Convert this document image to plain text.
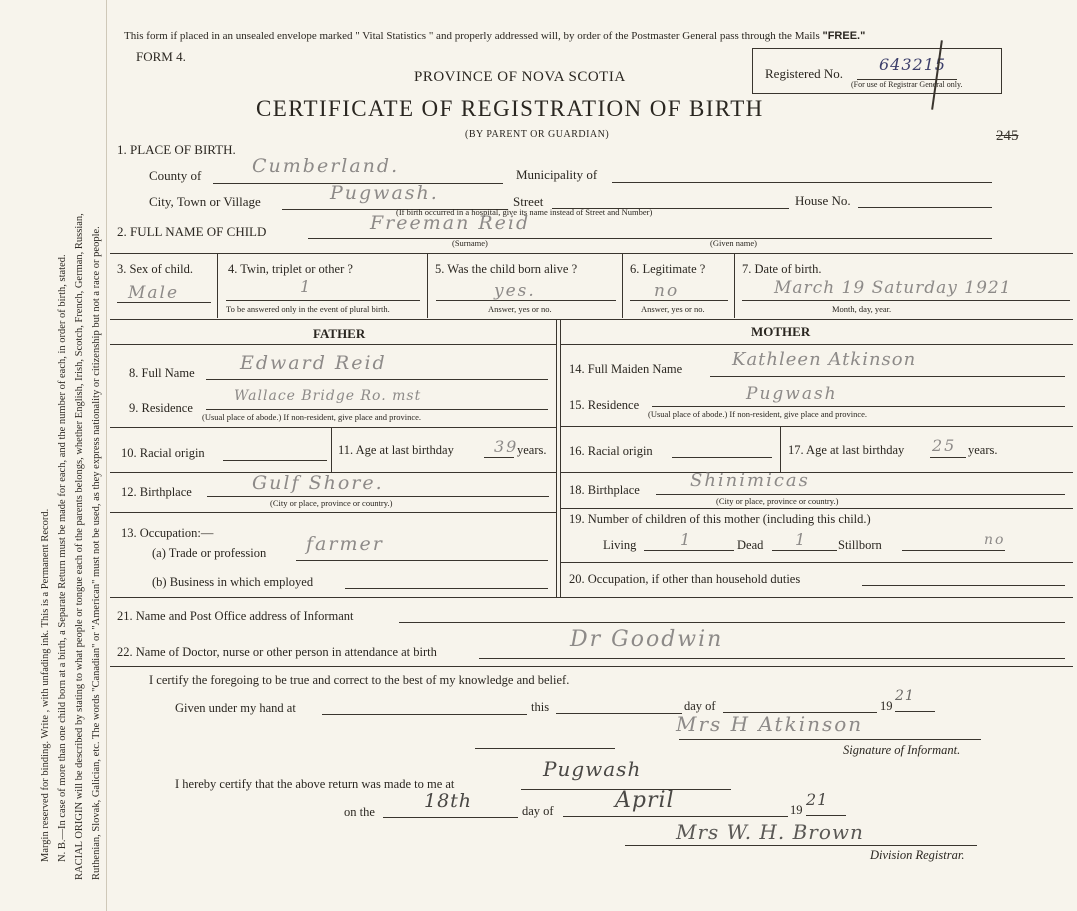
Margin reserved for binding. Write , with unfading ink. This is a Permanent Record. N. B.—In case of more than one child born at a birth, a Separate Return must be made for each, and the number of each, in order of birth, stated. RACIAL ORIGIN will be described by stating to what people or tongue each of the parents belongs, whether English, Irish, Scotch, French, German, Russian, Ruthenian, Slovak, Galician, etc. The words "Canadian" or "American" must not be used, as they express nationality or citizenship but not a race or people.
This form if placed in an unsealed envelope marked " Vital Statistics " and properly addressed will, by order of the Postmaster General pass through the Mails "FREE."
FORM 4.
PROVINCE OF NOVA SCOTIA
CERTIFICATE OF REGISTRATION OF BIRTH
(BY PARENT OR GUARDIAN)
Registered No. 643215
(For use of Registrar General only.
245
1. PLACE OF BIRTH.
County of	Cumberland.	Municipality of
City, Town or Village	Pugwash.	Street	House No.
(If birth occurred in a hospital, give its name instead of Street and Number)
2. FULL NAME OF CHILD	Freeman Reid
(Surname)	(Given name)
3. Sex of child.
Male
4. Twin, triplet or other ?
1
To be answered only in the event of plural birth.
5. Was the child born alive ?
yes.
Answer, yes or no.
6. Legitimate ?
no
Answer, yes or no.
7. Date of birth.
March 19 Saturday 1921
Month, day, year.
FATHER	MOTHER
8. Full Name Edward Reid
9. Residence
Wallace Bridge Ro. mst
(Usual place of abode.) If non-resident, give place and province.
10. Racial origin	11. Age at last birthday	39
years.
12. Birthplace	Gulf Shore.
(City or place, province or country.)
13. Occupation:—
(a) Trade or profession farmer
(b) Business in which employed
14. Full Maiden Name	Kathleen Atkinson
15. Residence
Pugwash
(Usual place of abode.) If non-resident, give place and province.
16. Racial origin	17. Age at last birthday 25 years.
18. Birthplace	Shinimicas
(City or place, province or country.)
19. Number of children of this mother (including this child.)
Living	1	Dead 1 Stillborn	no
20. Occupation, if other than household duties
21. Name and Post Office address of Informant
22. Name of Doctor, nurse or other person in attendance at birth	Dr Goodwin
I certify the foregoing to be true and correct to the best of my knowledge and belief.
Given under my hand at	this	day of	19
21
Mrs H Atkinson
Signature of Informant.
I hereby certify that the above return was made to me at
Pugwash
on the	18th	day of	April	19
21
Mrs W. H. Brown
Division Registrar.
